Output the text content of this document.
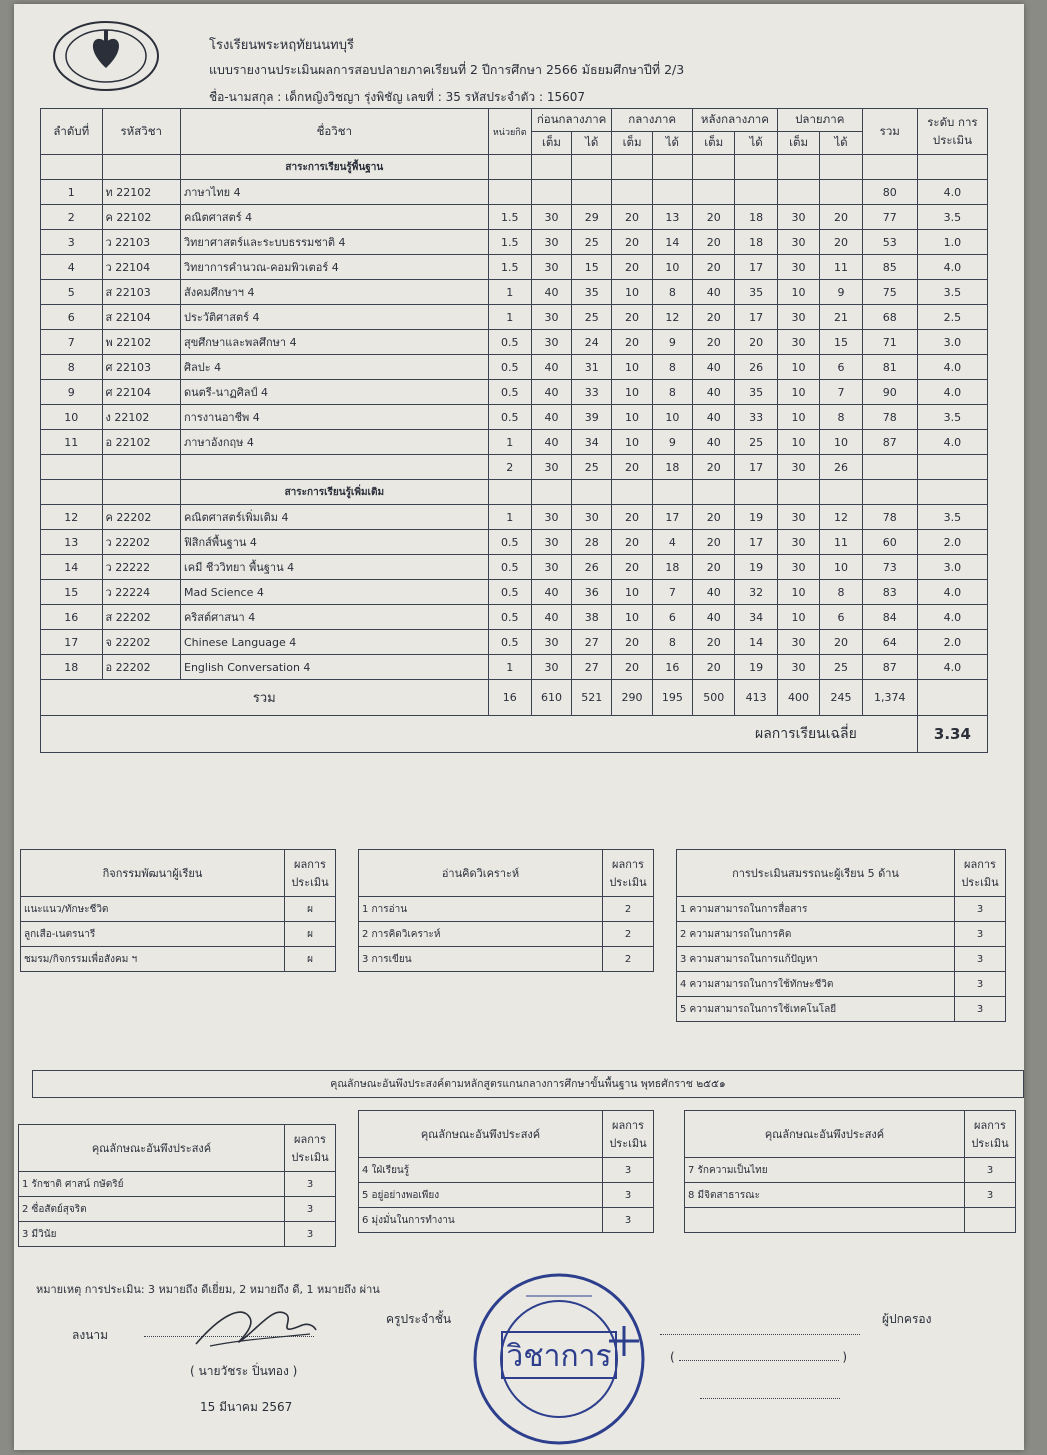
โรงเรียนพระหฤทัยนนทบุรี
แบบรายงานประเมินผลการสอบปลายภาคเรียนที่ 2 ปีการศึกษา 2566 มัธยมศึกษาปีที่ 2/3
ชื่อ-นามสกุล : เด็กหญิงวิชญา รุ่งพิชัญ เลขที่ : 35 รหัสประจำตัว : 15607
ลำดับที่	รหัสวิชา	ชื่อวิชา	หน่วยกิต	ก่อนกลางภาค		กลางภาค		หลังกลางภาค		ปลายภาค		รวม	ระดับ การ ประเมิน
				เต็ม	ได้	เต็ม	ได้	เต็ม	ได้	เต็ม	ได้		
		สาระการเรียนรู้พื้นฐาน											
1	ท 22102	ภาษาไทย 4										80	4.0
2	ค 22102	คณิตศาสตร์ 4	1.5	30	29	20	13	20	18	30	20	77	3.5
3	ว 22103	วิทยาศาสตร์และระบบธรรมชาติ 4	1.5	30	25	20	14	20	18	30	20	53	1.0
4	ว 22104	วิทยาการคำนวณ-คอมพิวเตอร์ 4	1.5	30	15	20	10	20	17	30	11	85	4.0
5	ส 22103	สังคมศึกษาฯ 4	1	40	35	10	8	40	35	10	9	75	3.5
6	ส 22104	ประวัติศาสตร์ 4	1	30	25	20	12	20	17	30	21	68	2.5
7	พ 22102	สุขศึกษาและพลศึกษา 4	0.5	30	24	20	9	20	20	30	15	71	3.0
8	ศ 22103	ศิลปะ 4	0.5	40	31	10	8	40	26	10	6	81	4.0
9	ศ 22104	ดนตรี-นาฏศิลป์ 4	0.5	40	33	10	8	40	35	10	7	90	4.0
10	ง 22102	การงานอาชีพ 4	0.5	40	39	10	10	40	33	10	8	78	3.5
11	อ 22102	ภาษาอังกฤษ 4	1	40	34	10	9	40	25	10	10	87	4.0
			2	30	25	20	18	20	17	30	26		
		สาระการเรียนรู้เพิ่มเติม											
12	ค 22202	คณิตศาสตร์เพิ่มเติม 4	1	30	30	20	17	20	19	30	12	78	3.5
13	ว 22202	ฟิสิกส์พื้นฐาน 4	0.5	30	28	20	4	20	17	30	11	60	2.0
14	ว 22222	เคมี ชีววิทยา พื้นฐาน 4	0.5	30	26	20	18	20	19	30	10	73	3.0
15	ว 22224	Mad Science 4	0.5	40	36	10	7	40	32	10	8	83	4.0
16	ส 22202	คริสต์ศาสนา 4	0.5	40	38	10	6	40	34	10	6	84	4.0
17	จ 22202	Chinese Language 4	0.5	30	27	20	8	20	14	30	20	64	2.0
18	อ 22202	English Conversation 4	1	30	27	20	16	20	19	30	25	87	4.0
รวม			16	610	521	290	195	500	413	400	245	1,374	
ผลการเรียนเฉลี่ย													3.34
กิจกรรมพัฒนาผู้เรียน	ผลการ ประเมิน
แนะแนว/ทักษะชีวิต	ผ
ลูกเสือ-เนตรนารี	ผ
ชมรม/กิจกรรมเพื่อสังคม ฯ	ผ
อ่านคิดวิเคราะห์	ผลการ ประเมิน
1 การอ่าน	2
2 การคิดวิเคราะห์	2
3 การเขียน	2
การประเมินสมรรถนะผู้เรียน 5 ด้าน	ผลการ ประเมิน
1 ความสามารถในการสื่อสาร	3
2 ความสามารถในการคิด	3
3 ความสามารถในการแก้ปัญหา	3
4 ความสามารถในการใช้ทักษะชีวิต	3
5 ความสามารถในการใช้เทคโนโลยี	3
คุณลักษณะอันพึงประสงค์ตามหลักสูตรแกนกลางการศึกษาขั้นพื้นฐาน พุทธศักราช ๒๕๕๑
คุณลักษณะอันพึงประสงค์	ผลการ ประเมิน
1 รักชาติ ศาสน์ กษัตริย์	3
2 ซื่อสัตย์สุจริต	3
3 มีวินัย	3
คุณลักษณะอันพึงประสงค์	ผลการ ประเมิน
4 ใฝ่เรียนรู้	3
5 อยู่อย่างพอเพียง	3
6 มุ่งมั่นในการทำงาน	3
คุณลักษณะอันพึงประสงค์	ผลการ ประเมิน
7 รักความเป็นไทย	3
8 มีจิตสาธารณะ	3

หมายเหตุ การประเมิน: 3 หมายถึง ดีเยี่ยม, 2 หมายถึง ดี, 1 หมายถึง ผ่าน
ลงนาม
ครูประจำชั้น
( นายวัชระ ปิ่นทอง )
15 มีนาคม 2567
วิชาการ
ผู้ปกครอง
(	)
